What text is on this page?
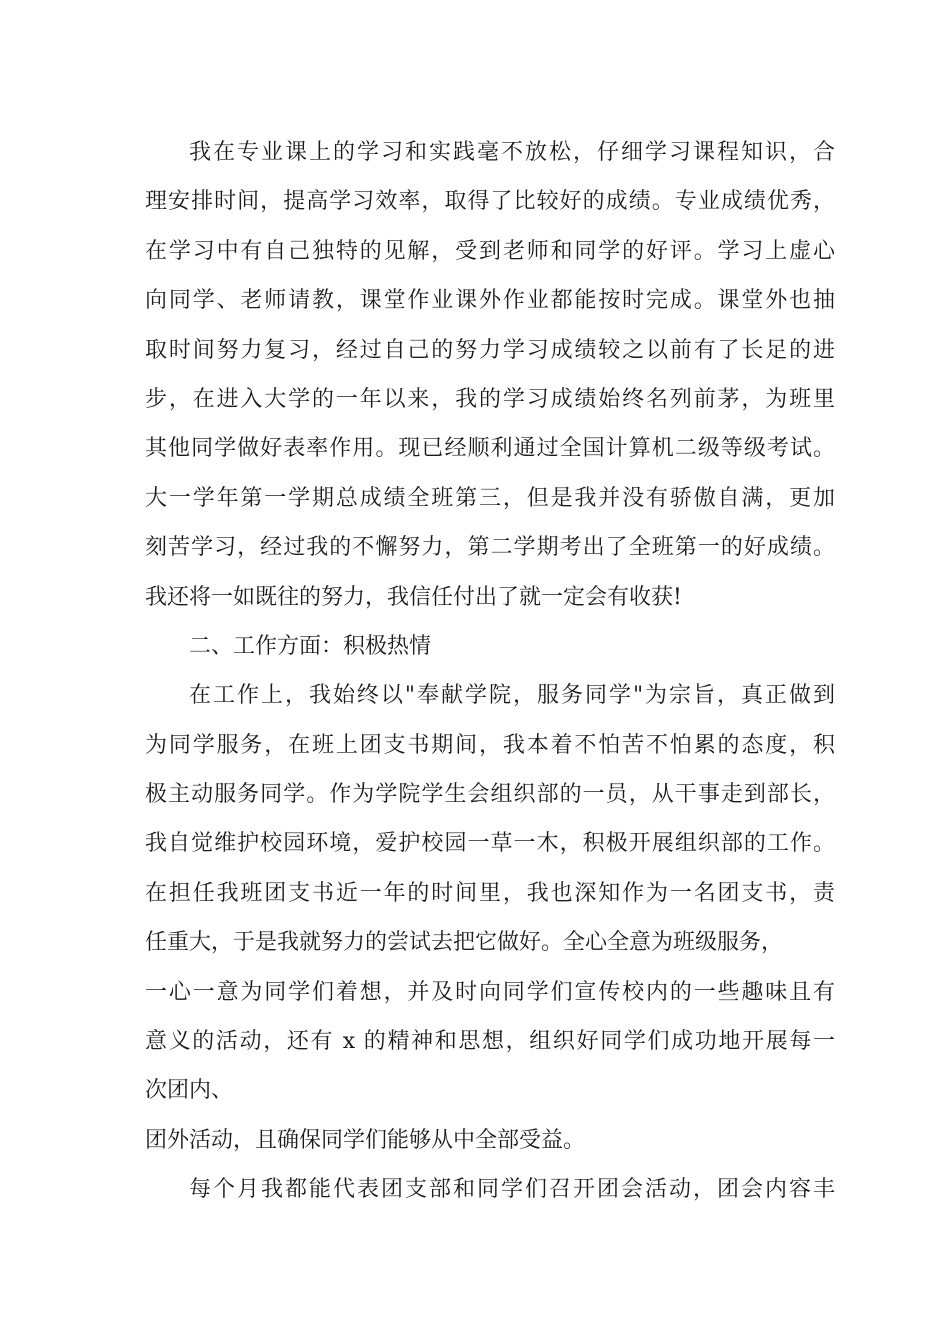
我在专业课上的学习和实践毫不放松，仔细学习课程知识，合
理安排时间，提高学习效率，取得了比较好的成绩。专业成绩优秀，
在学习中有自己独特的见解，受到老师和同学的好评。学习上虚心
向同学、老师请教，课堂作业课外作业都能按时完成。课堂外也抽
取时间努力复习，经过自己的努力学习成绩较之以前有了长足的进
步，在进入大学的一年以来，我的学习成绩始终名列前茅，为班里
其他同学做好表率作用。现已经顺利通过全国计算机二级等级考试。
大一学年第一学期总成绩全班第三，但是我并没有骄傲自满，更加
刻苦学习，经过我的不懈努力，第二学期考出了全班第一的好成绩。
我还将一如既往的努力，我信任付出了就一定会有收获!
二、工作方面：积极热情
在工作上，我始终以"奉献学院，服务同学"为宗旨，真正做到
为同学服务，在班上团支书期间，我本着不怕苦不怕累的态度，积
极主动服务同学。作为学院学生会组织部的一员，从干事走到部长，
我自觉维护校园环境，爱护校园一草一木，积极开展组织部的工作。
在担任我班团支书近一年的时间里，我也深知作为一名团支书，责
任重大，于是我就努力的尝试去把它做好。全心全意为班级服务，
一心一意为同学们着想，并及时向同学们宣传校内的一些趣味且有
意义的活动，还有 x 的精神和思想，组织好同学们成功地开展每一
次团内、
团外活动，且确保同学们能够从中全部受益。
每个月我都能代表团支部和同学们召开团会活动，团会内容丰
